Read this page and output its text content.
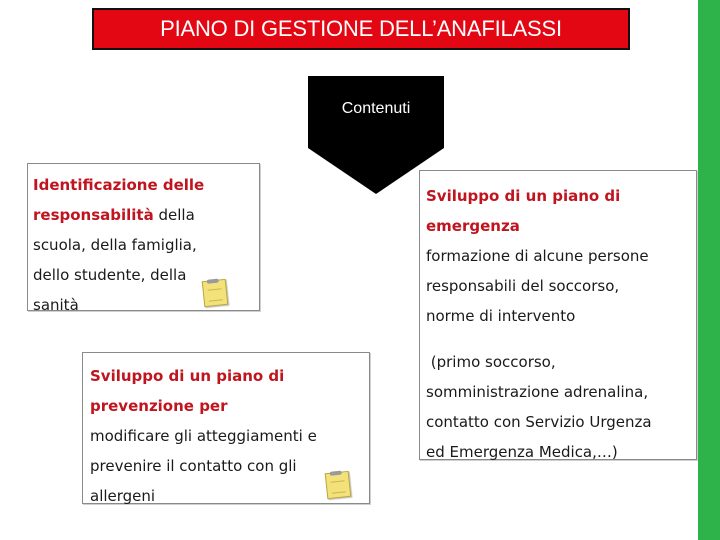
PIANO DI GESTIONE DELL’ANAFILASSI
Contenuti
Identificazione delle
responsabilità della
scuola, della famiglia,
dello studente, della
sanità
Sviluppo di un piano di
prevenzione per
modificare gli atteggiamenti e
prevenire il contatto con gli
allergeni
Sviluppo di un piano di
emergenza
formazione di alcune persone
responsabili del soccorso,
norme di intervento
(primo soccorso,
somministrazione adrenalina,
contatto con Servizio Urgenza
ed Emergenza Medica,…)
